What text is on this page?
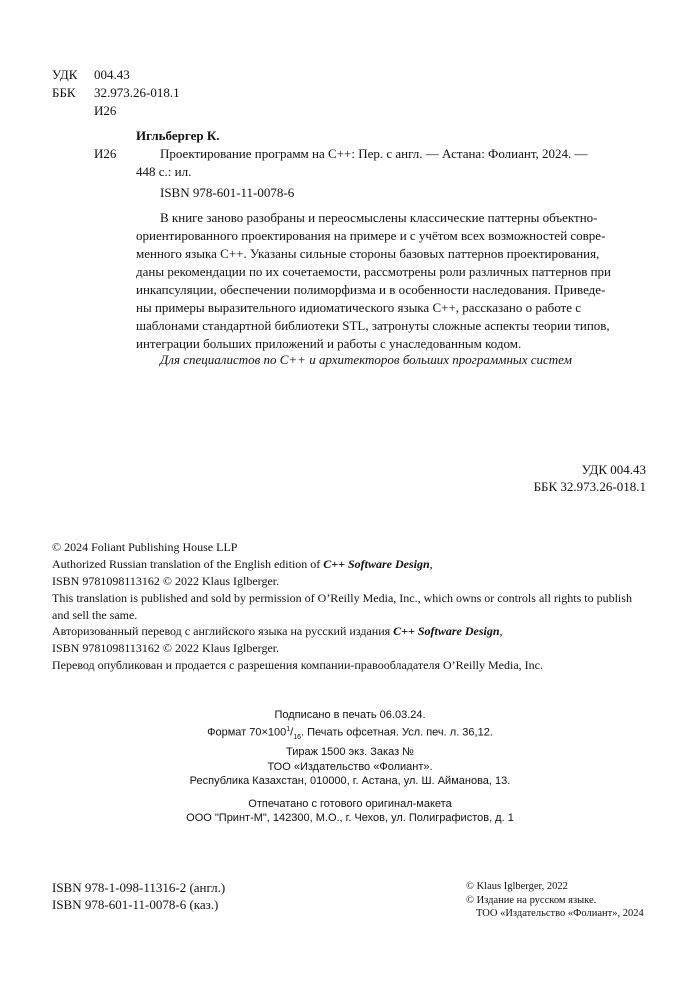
УДК 004.43
ББК 32.973.26-018.1
И26
Игльбергер К.
И26	Проектирование программ на C++: Пер. с англ. — Астана: Фолиант, 2024. —
448 с.: ил.
ISBN 978-601-11-0078-6

В книге заново разобраны и переосмыслены классические паттерны объектно-

ориентированного проектирования на примере и с учётом всех возможностей совре-

менного языка C++. Указаны сильные стороны базовых паттернов проектирования,

даны рекомендации по их сочетаемости, рассмотрены роли различных паттернов при

инкапсуляции, обеспечении полиморфизма и в особенности наследования. Приведе-

ны примеры выразительного идиоматического языка C++, рассказано о работе с

шаблонами стандартной библиотеки STL, затронуты сложные аспекты теории типов,

интеграции больших приложений и работы с унаследованным кодом.

Для специалистов по C++ и архитекторов больших программных систем
УДК 004.43
ББК 32.973.26-018.1
© 2024 Foliant Publishing House LLP
Authorized Russian translation of the English edition of C++ Software Design,
ISBN 9781098113162 © 2022 Klaus Iglberger.
This translation is published and sold by permission of O’Reilly Media, Inc., which owns or controls all rights to publish
and sell the same.
Авторизованный перевод с английского языка на русский издания C++ Software Design,
ISBN 9781098113162 © 2022 Klaus Iglberger.
Перевод опубликован и продается с разрешения компании-правообладателя O’Reilly Media, Inc.
Подписано в печать 06.03.24.
Формат $70\times 100^1/_{16}$. Печать офсетная. Усл. печ. л. 36,12.
Тираж 1500 экз. Заказ №
ТОО «Издательство «Фолиант».
Республика Казахстан, 010000, г. Астана, ул. Ш. Айманова, 13.
Отпечатано с готового оригинал-макета
ООО "Принт-М", 142300, М.О., г. Чехов, ул. Полиграфистов, д. 1
ISBN 978-1-098-11316-2 (англ.)
ISBN 978-601-11-0078-6 (каз.)
© Klaus Iglberger, 2022
© Издание на русском языке.
ТОО «Издательство «Фолиант», 2024
